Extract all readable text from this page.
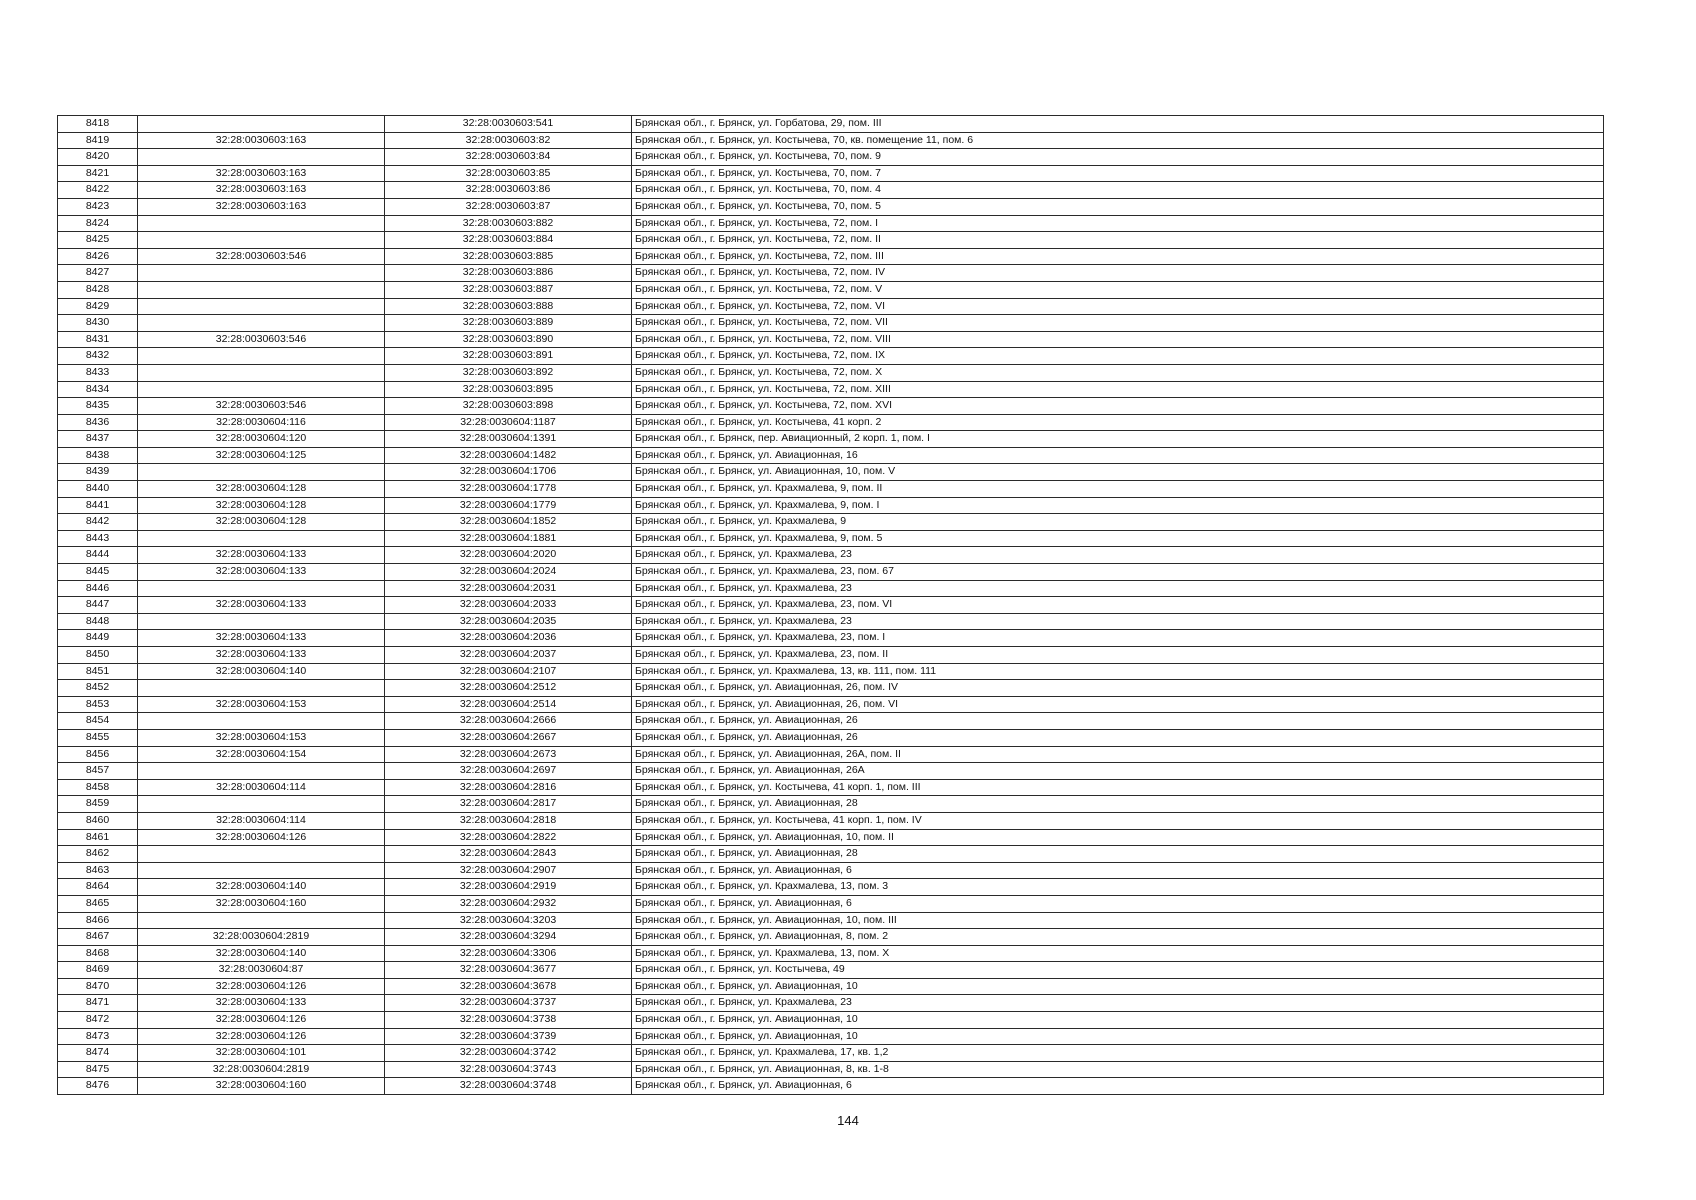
8418		32:28:0030603:541	Брянская обл., г. Брянск, ул. Горбатова, 29, пом. III
8419	32:28:0030603:163	32:28:0030603:82	Брянская обл., г. Брянск, ул. Костычева, 70, кв. помещение 11, пом. 6
8420		32:28:0030603:84	Брянская обл., г. Брянск, ул. Костычева, 70, пом. 9
8421	32:28:0030603:163	32:28:0030603:85	Брянская обл., г. Брянск, ул. Костычева, 70, пом. 7
8422	32:28:0030603:163	32:28:0030603:86	Брянская обл., г. Брянск, ул. Костычева, 70, пом. 4
8423	32:28:0030603:163	32:28:0030603:87	Брянская обл., г. Брянск, ул. Костычева, 70, пом. 5
8424		32:28:0030603:882	Брянская обл., г. Брянск, ул. Костычева, 72, пом. I
8425		32:28:0030603:884	Брянская обл., г. Брянск, ул. Костычева, 72, пом. II
8426	32:28:0030603:546	32:28:0030603:885	Брянская обл., г. Брянск, ул. Костычева, 72, пом. III
8427		32:28:0030603:886	Брянская обл., г. Брянск, ул. Костычева, 72, пом. IV
8428		32:28:0030603:887	Брянская обл., г. Брянск, ул. Костычева, 72, пом. V
8429		32:28:0030603:888	Брянская обл., г. Брянск, ул. Костычева, 72, пом. VI
8430		32:28:0030603:889	Брянская обл., г. Брянск, ул. Костычева, 72, пом. VII
8431	32:28:0030603:546	32:28:0030603:890	Брянская обл., г. Брянск, ул. Костычева, 72, пом. VIII
8432		32:28:0030603:891	Брянская обл., г. Брянск, ул. Костычева, 72, пом. IX
8433		32:28:0030603:892	Брянская обл., г. Брянск, ул. Костычева, 72, пом. X
8434		32:28:0030603:895	Брянская обл., г. Брянск, ул. Костычева, 72, пом. XIII
8435	32:28:0030603:546	32:28:0030603:898	Брянская обл., г. Брянск, ул. Костычева, 72, пом. XVI
8436	32:28:0030604:116	32:28:0030604:1187	Брянская обл., г. Брянск, ул. Костычева, 41 корп. 2
8437	32:28:0030604:120	32:28:0030604:1391	Брянская обл., г. Брянск, пер. Авиационный, 2 корп. 1, пом. I
8438	32:28:0030604:125	32:28:0030604:1482	Брянская обл., г. Брянск, ул. Авиационная, 16
8439		32:28:0030604:1706	Брянская обл., г. Брянск, ул. Авиационная, 10, пом. V
8440	32:28:0030604:128	32:28:0030604:1778	Брянская обл., г. Брянск, ул. Крахмалева, 9, пом. II
8441	32:28:0030604:128	32:28:0030604:1779	Брянская обл., г. Брянск, ул. Крахмалева, 9, пом. I
8442	32:28:0030604:128	32:28:0030604:1852	Брянская обл., г. Брянск, ул. Крахмалева, 9
8443		32:28:0030604:1881	Брянская обл., г. Брянск, ул. Крахмалева, 9, пом. 5
8444	32:28:0030604:133	32:28:0030604:2020	Брянская обл., г. Брянск, ул. Крахмалева, 23
8445	32:28:0030604:133	32:28:0030604:2024	Брянская обл., г. Брянск, ул. Крахмалева, 23, пом. 67
8446		32:28:0030604:2031	Брянская обл., г. Брянск, ул. Крахмалева, 23
8447	32:28:0030604:133	32:28:0030604:2033	Брянская обл., г. Брянск, ул. Крахмалева, 23, пом. VI
8448		32:28:0030604:2035	Брянская обл., г. Брянск, ул. Крахмалева, 23
8449	32:28:0030604:133	32:28:0030604:2036	Брянская обл., г. Брянск, ул. Крахмалева, 23, пом. I
8450	32:28:0030604:133	32:28:0030604:2037	Брянская обл., г. Брянск, ул. Крахмалева, 23, пом. II
8451	32:28:0030604:140	32:28:0030604:2107	Брянская обл., г. Брянск, ул. Крахмалева, 13, кв. 111, пом. 111
8452		32:28:0030604:2512	Брянская обл., г. Брянск, ул. Авиационная, 26, пом. IV
8453	32:28:0030604:153	32:28:0030604:2514	Брянская обл., г. Брянск, ул. Авиационная, 26, пом. VI
8454		32:28:0030604:2666	Брянская обл., г. Брянск, ул. Авиационная, 26
8455	32:28:0030604:153	32:28:0030604:2667	Брянская обл., г. Брянск, ул. Авиационная, 26
8456	32:28:0030604:154	32:28:0030604:2673	Брянская обл., г. Брянск, ул. Авиационная, 26А, пом. II
8457		32:28:0030604:2697	Брянская обл., г. Брянск, ул. Авиационная, 26А
8458	32:28:0030604:114	32:28:0030604:2816	Брянская обл., г. Брянск, ул. Костычева, 41 корп. 1, пом. III
8459		32:28:0030604:2817	Брянская обл., г. Брянск, ул. Авиационная, 28
8460	32:28:0030604:114	32:28:0030604:2818	Брянская обл., г. Брянск, ул. Костычева, 41 корп. 1, пом. IV
8461	32:28:0030604:126	32:28:0030604:2822	Брянская обл., г. Брянск, ул. Авиационная, 10, пом. II
8462		32:28:0030604:2843	Брянская обл., г. Брянск, ул. Авиационная, 28
8463		32:28:0030604:2907	Брянская обл., г. Брянск, ул. Авиационная, 6
8464	32:28:0030604:140	32:28:0030604:2919	Брянская обл., г. Брянск, ул. Крахмалева, 13, пом. 3
8465	32:28:0030604:160	32:28:0030604:2932	Брянская обл., г. Брянск, ул. Авиационная, 6
8466		32:28:0030604:3203	Брянская обл., г. Брянск, ул. Авиационная, 10, пом. III
8467	32:28:0030604:2819	32:28:0030604:3294	Брянская обл., г. Брянск, ул. Авиационная, 8, пом. 2
8468	32:28:0030604:140	32:28:0030604:3306	Брянская обл., г. Брянск, ул. Крахмалева, 13, пом. X
8469	32:28:0030604:87	32:28:0030604:3677	Брянская обл., г. Брянск, ул. Костычева, 49
8470	32:28:0030604:126	32:28:0030604:3678	Брянская обл., г. Брянск, ул. Авиационная, 10
8471	32:28:0030604:133	32:28:0030604:3737	Брянская обл., г. Брянск, ул. Крахмалева, 23
8472	32:28:0030604:126	32:28:0030604:3738	Брянская обл., г. Брянск, ул. Авиационная, 10
8473	32:28:0030604:126	32:28:0030604:3739	Брянская обл., г. Брянск, ул. Авиационная, 10
8474	32:28:0030604:101	32:28:0030604:3742	Брянская обл., г. Брянск, ул. Крахмалева, 17, кв. 1,2
8475	32:28:0030604:2819	32:28:0030604:3743	Брянская обл., г. Брянск, ул. Авиационная, 8, кв. 1-8
8476	32:28:0030604:160	32:28:0030604:3748	Брянская обл., г. Брянск, ул. Авиационная, 6
144
